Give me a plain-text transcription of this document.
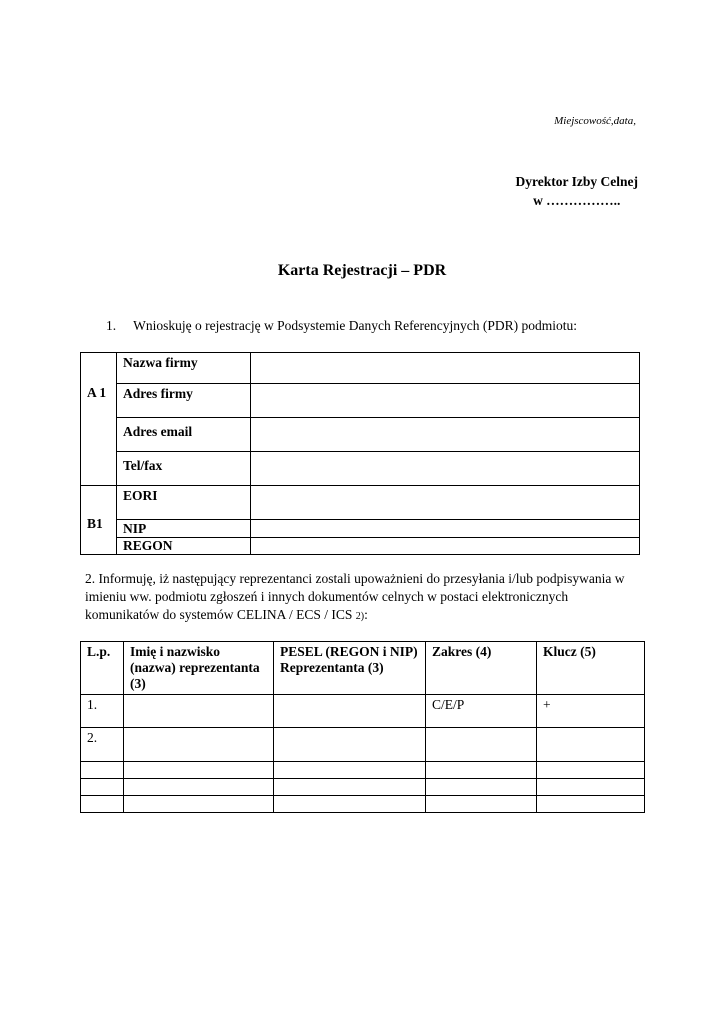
Miejscowość,data,
Dyrektor Izby Celnej
w ……………..
Karta Rejestracji – PDR
1. Wnioskuję o rejestrację w Podsystemie Danych Referencyjnych (PDR) podmiotu:
A 1	Nazwa firmy	
	Adres firmy	
	Adres email	
	Tel/fax	
B1	EORI	
	NIP	
	REGON	
2. Informuję, iż następujący reprezentanci zostali upoważnieni do przesyłania i/lub podpisywania w imieniu ww. podmiotu zgłoszeń i innych dokumentów celnych w postaci elektronicznych komunikatów do systemów CELINA / ECS / ICS 2):
L.p.	Imię i nazwisko (nazwa) reprezentanta (3)	PESEL (REGON i NIP) Reprezentanta (3)	Zakres (4)	Klucz (5)
1.			C/E/P	+
2.				
